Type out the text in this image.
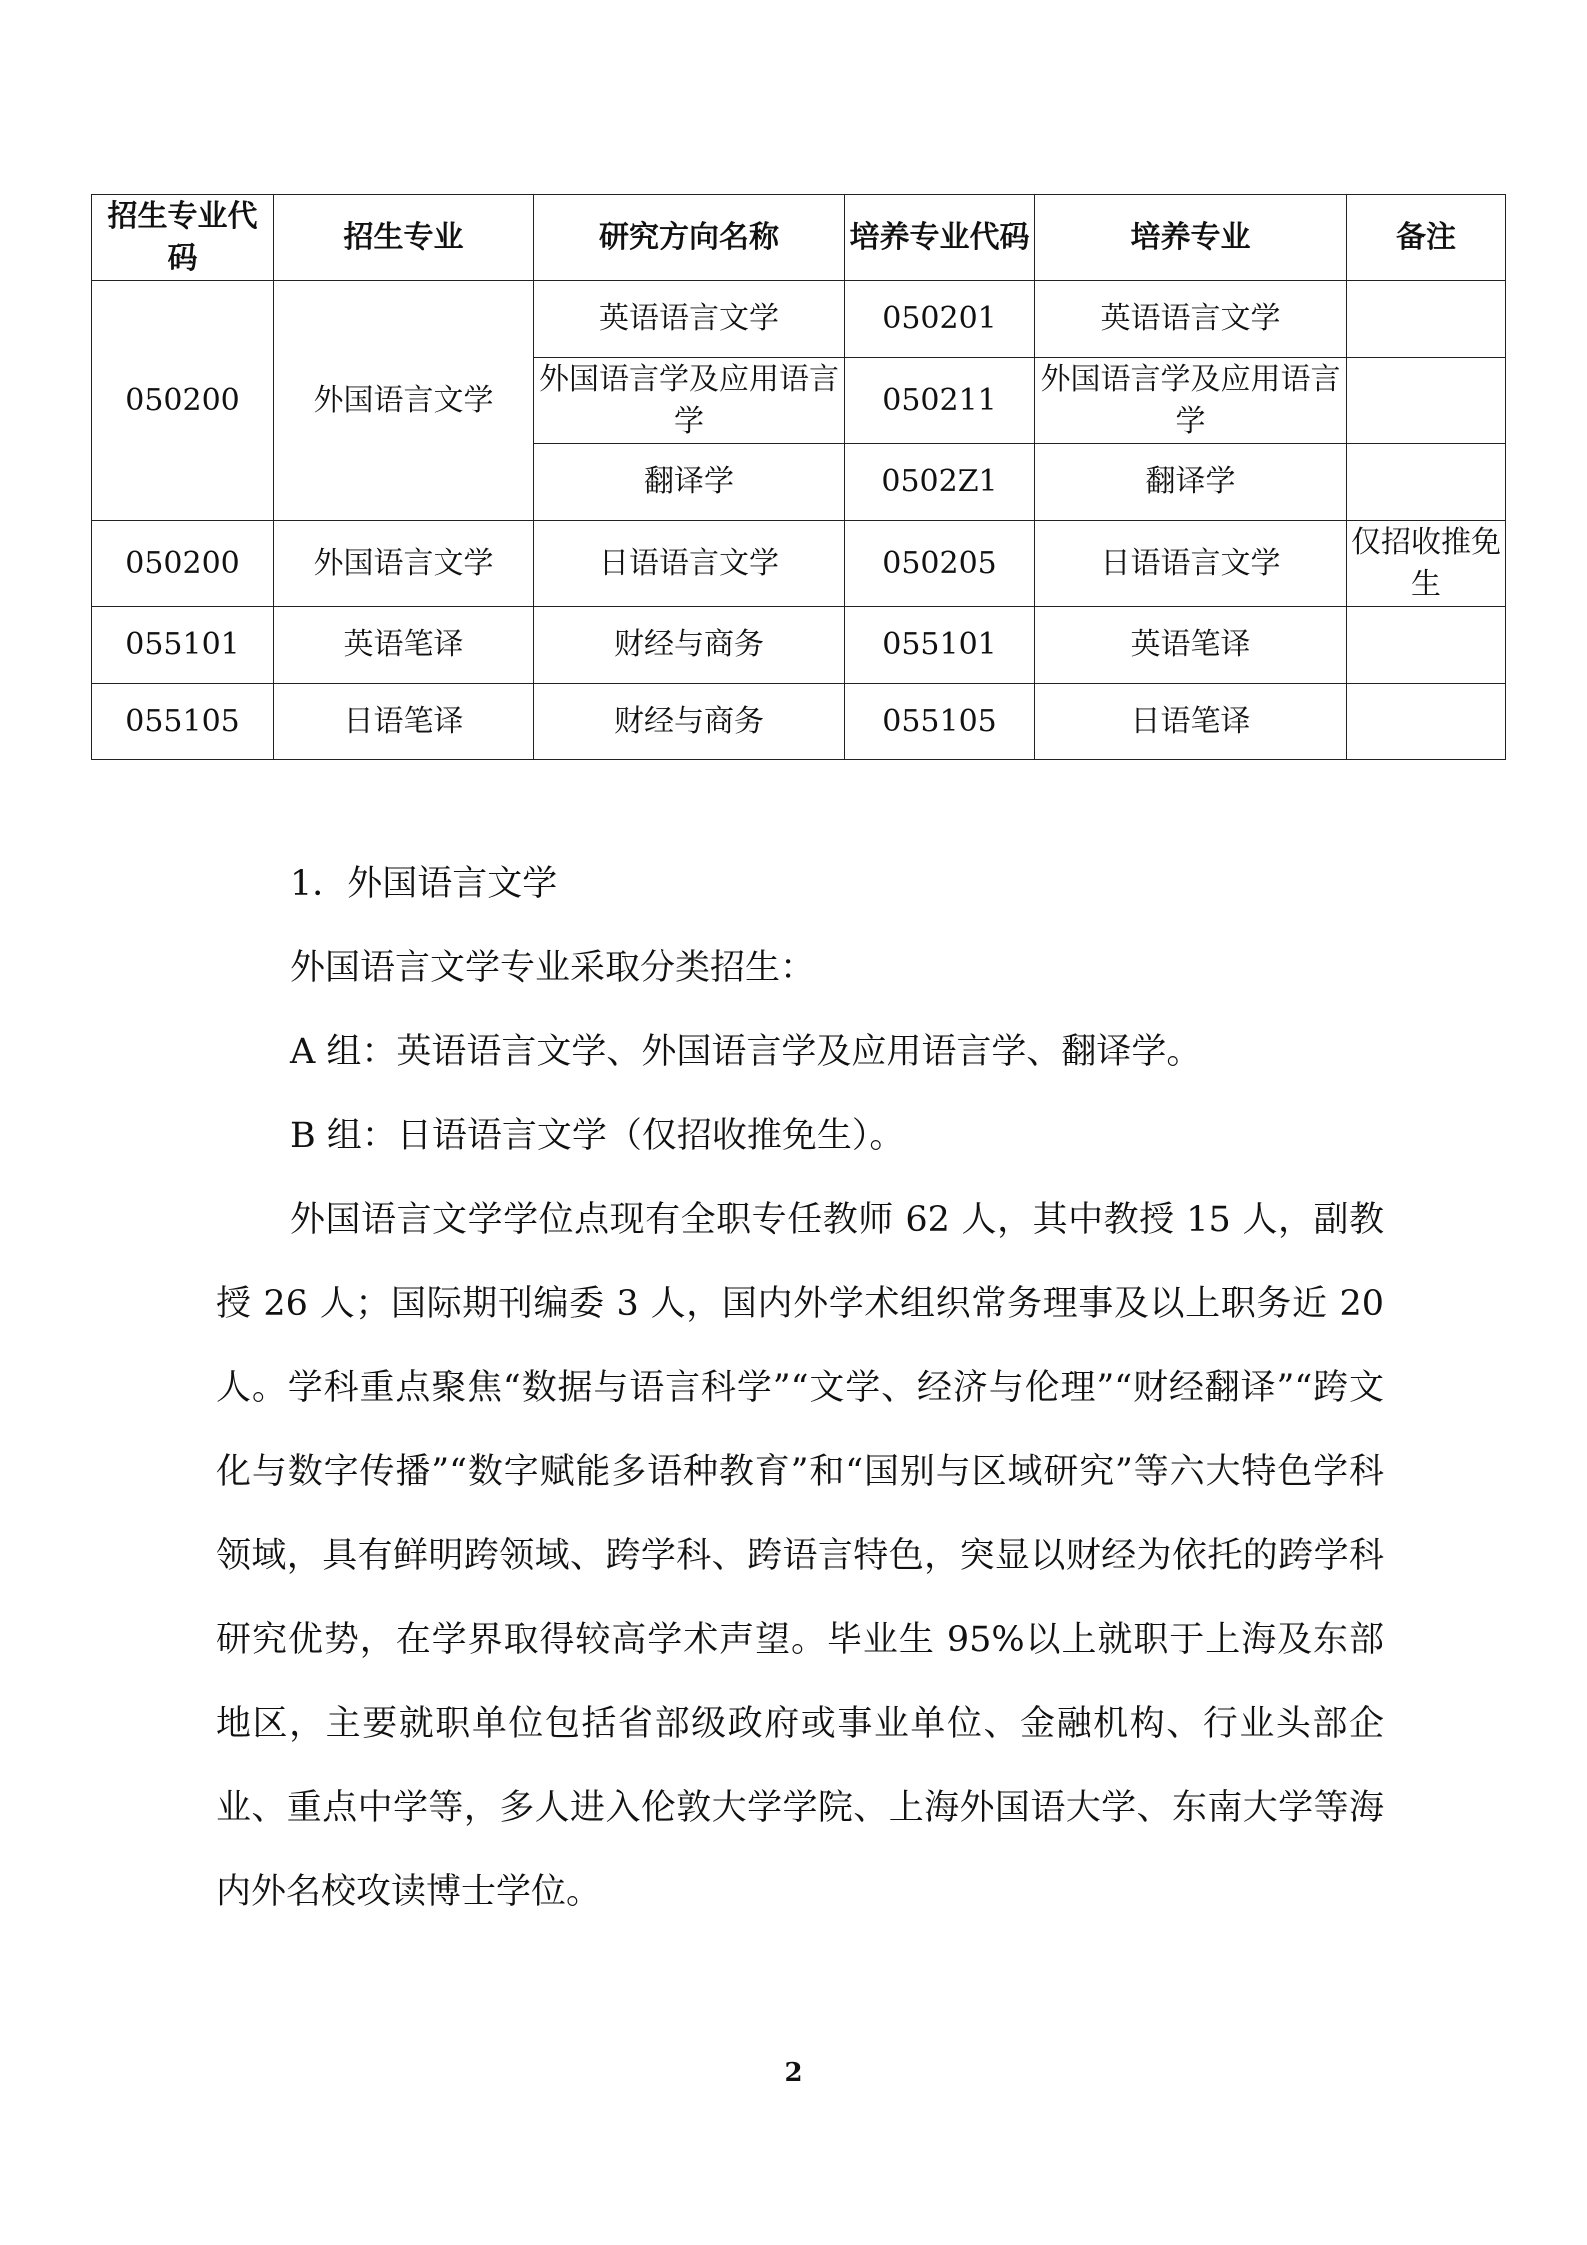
招生专业代码	招生专业	研究方向名称	培养专业代码	培养专业	备注
050200	外国语言文学	英语语言文学	050201	英语语言文学	
		外国语言学及应用语言学	050211	外国语言学及应用语言学	
		翻译学	0502Z1	翻译学	
050200	外国语言文学	日语语言文学	050205	日语语言文学	仅招收推免生
055101	英语笔译	财经与商务	055101	英语笔译	
055105	日语笔译	财经与商务	055105	日语笔译	

1．外国语言文学

外国语言文学专业采取分类招生：

A 组：英语语言文学、外国语言学及应用语言学、翻译学。

B 组：日语语言文学（仅招收推免生）。

外国语言文学学位点现有全职专任教师 62 人，其中教授 15 人，副教授 26 人；国际期刊编委 3 人，国内外学术组织常务理事及以上职务近 20 人。学科重点聚焦“数据与语言科学”“文学、经济与伦理”“财经翻译”“跨文化与数字传播”“数字赋能多语种教育”和“国别与区域研究”等六大特色学科领域，具有鲜明跨领域、跨学科、跨语言特色，突显以财经为依托的跨学科研究优势，在学界取得较高学术声望。毕业生 95%以上就职于上海及东部地区，主要就职单位包括省部级政府或事业单位、金融机构、行业头部企业、重点中学等，多人进入伦敦大学学院、上海外国语大学、东南大学等海内外名校攻读博士学位。
2
